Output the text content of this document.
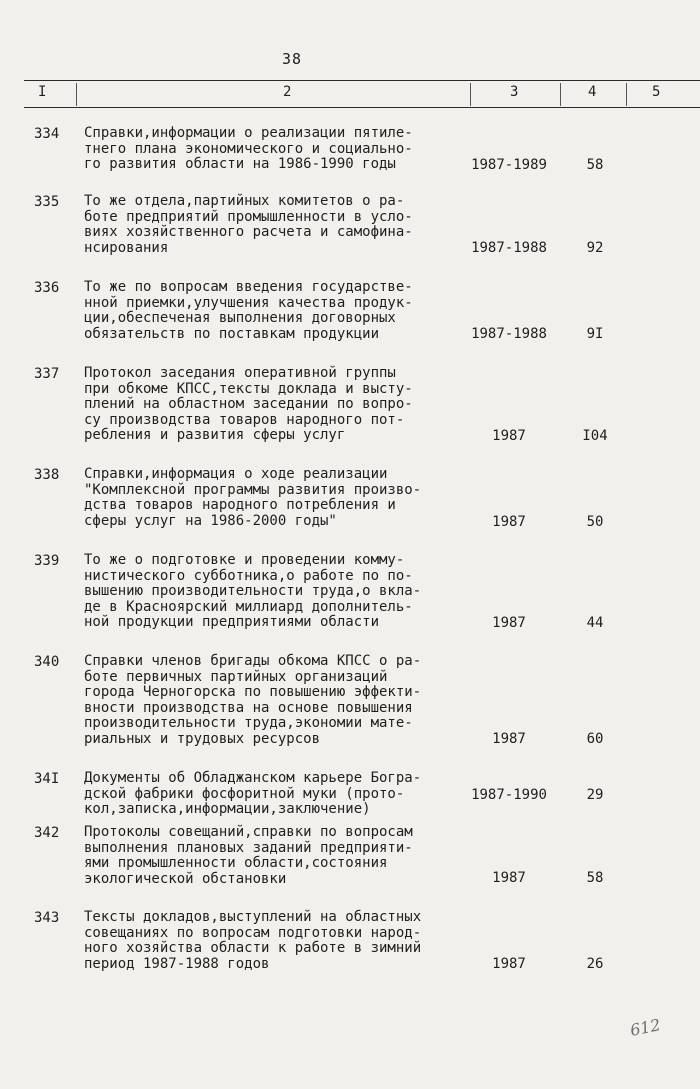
38
I	2	3	4	5
334 Справки,информации о реализации пятиле-
тнего плана экономического и социально-
го развития области на 1986-1990 годы	1987-1989	58
335 То же отдела,партийных комитетов о ра-
боте предприятий промышленности в усло-
виях хозяйственного расчета и самофина-
нсирования	1987-1988	92
336 То же по вопросам введения государстве-
нной приемки,улучшения качества продук-
ции,обеспеченая выполнения договорных
обязательств по поставкам продукции	1987-1988	9I
337 Протокол заседания оперативной группы
при обкоме КПСС,тексты доклада и высту-
плений на областном заседании по вопро-
су производства товаров народного пот-
ребления и развития сферы услуг	1987	I04
338 Справки,информация о ходе реализации
"Комплексной программы развития произво-
дства товаров народного потребления и
сферы услуг на 1986-2000 годы"	1987	50
339 То же о подготовке и проведении комму-
нистического субботника,о работе по по-
вышению производительности труда,о вкла-
де в Красноярский миллиард дополнитель-
ной продукции предприятиями области	1987	44
340 Справки членов бригады обкома КПСС о ра-
боте первичных партийных организаций
города Черногорска по повышению эффекти-
вности производства на основе повышения
производительности труда,экономии мате-
риальных и трудовых ресурсов	1987	60
34I Документы об Обладжанском карьере Богра-
дской фабрики фосфоритной муки (прото-
кол,записка,информации,заключение)
1987-1990	29
342 Протоколы совещаний,справки по вопросам
выполнения плановых заданий предприяти-
ями промышленности области,состояния
экологической обстановки	1987	58
343 Тексты докладов,выступлений на областных
совещаниях по вопросам подготовки народ-
ного хозяйства области к работе в зимний
период 1987-1988 годов	1987	26
612
